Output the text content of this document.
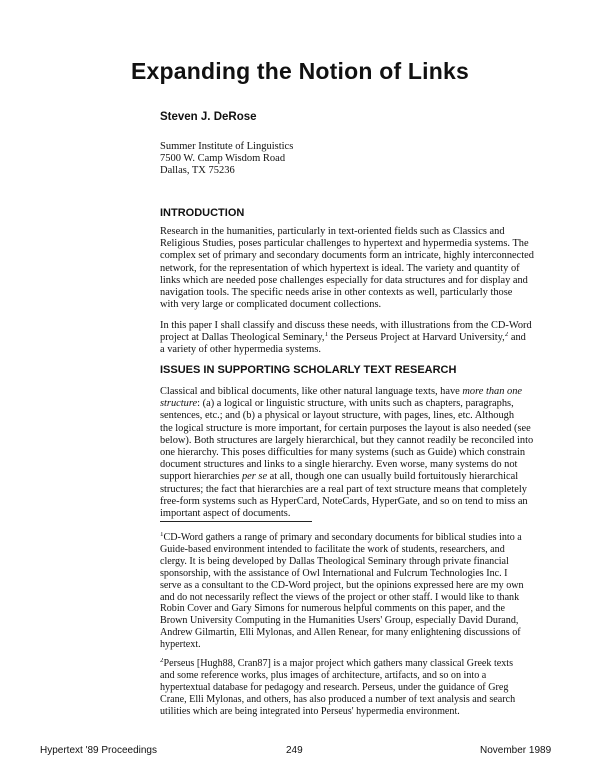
Expanding the Notion of Links
Steven J. DeRose
Summer Institute of Linguistics
7500 W. Camp Wisdom Road
Dallas, TX 75236
INTRODUCTION
Research in the humanities, particularly in text-oriented fields such as Classics and
Religious Studies, poses particular challenges to hypertext and hypermedia systems. The
complex set of primary and secondary documents form an intricate, highly interconnected
network, for the representation of which hypertext is ideal. The variety and quantity of
links which are needed pose challenges especially for data structures and for display and
navigation tools. The specific needs arise in other contexts as well, particularly those
with very large or complicated document collections.
In this paper I shall classify and discuss these needs, with illustrations from the CD-Word
project at Dallas Theological Seminary,$^1$ the Perseus Project at Harvard University,$^2$ and
a variety of other hypermedia systems.
ISSUES IN SUPPORTING SCHOLARLY TEXT RESEARCH
Classical and biblical documents, like other natural language texts, have more than one
structure: (a) a logical or linguistic structure, with units such as chapters, paragraphs,
sentences, etc.; and (b) a physical or layout structure, with pages, lines, etc. Although
the logical structure is more important, for certain purposes the layout is also needed (see
below). Both structures are largely hierarchical, but they cannot readily be reconciled into
one hierarchy. This poses difficulties for many systems (such as Guide) which constrain
document structures and links to a single hierarchy. Even worse, many systems do not
support hierarchies per se at all, though one can usually build fortuitously hierarchical
structures; the fact that hierarchies are a real part of text structure means that completely
free-form systems such as HyperCard, NoteCards, HyperGate, and so on tend to miss an
important aspect of documents.
$^1$CD-Word gathers a range of primary and secondary documents for biblical studies into a
Guide-based environment intended to facilitate the work of students, researchers, and
clergy. It is being developed by Dallas Theological Seminary through private financial
sponsorship, with the assistance of Owl International and Fulcrum Technologies Inc. I
serve as a consultant to the CD-Word project, but the opinions expressed here are my own
and do not necessarily reflect the views of the project or other staff. I would like to thank
Robin Cover and Gary Simons for numerous helpful comments on this paper, and the
Brown University Computing in the Humanities Users' Group, especially David Durand,
Andrew Gilmartin, Elli Mylonas, and Allen Renear, for many enlightening discussions of
hypertext.
$^2$Perseus [Hugh88, Cran87] is a major project which gathers many classical Greek texts
and some reference works, plus images of architecture, artifacts, and so on into a
hypertextual database for pedagogy and research. Perseus, under the guidance of Greg
Crane, Elli Mylonas, and others, has also produced a number of text analysis and search
utilities which are being integrated into Perseus' hypermedia environment.
Hypertext '89 Proceedings	249	November 1989
